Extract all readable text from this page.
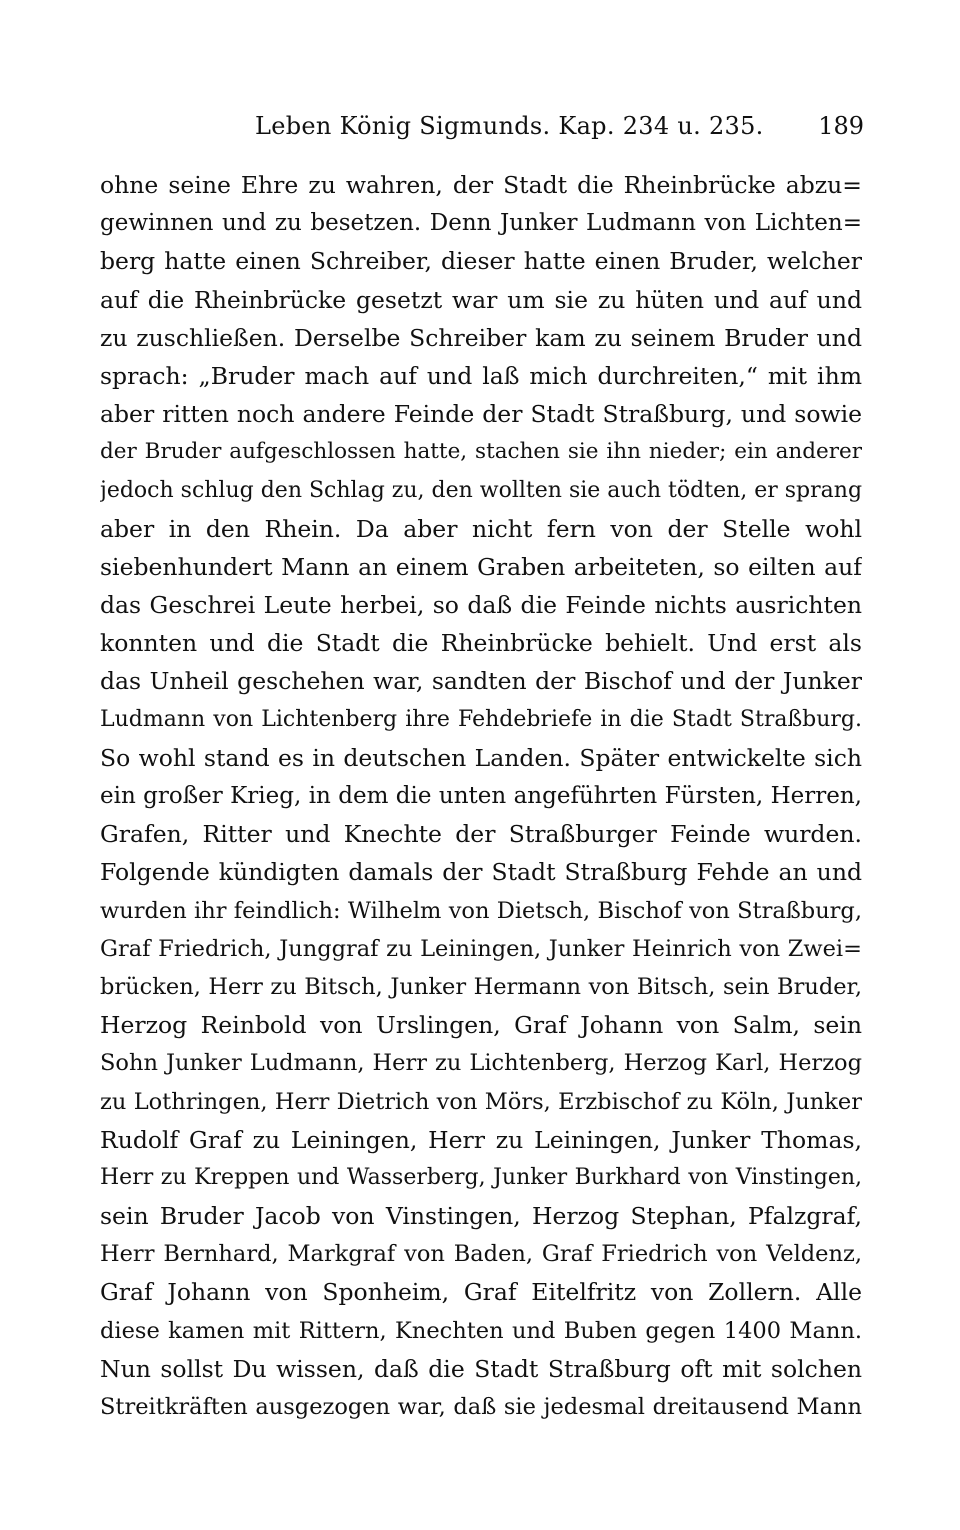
Leben König Sigmunds. Kap. 234 u. 235. 189
ohne seine Ehre zu wahren, der Stadt die Rheinbrücke abzu=
gewinnen und zu besetzen. Denn Junker Ludmann von Lichten=
berg hatte einen Schreiber, dieser hatte einen Bruder, welcher
auf die Rheinbrücke gesetzt war um sie zu hüten und auf und
zu zuschließen. Derselbe Schreiber kam zu seinem Bruder und
sprach: „Bruder mach auf und laß mich durchreiten,“ mit ihm
aber ritten noch andere Feinde der Stadt Straßburg, und sowie
der Bruder aufgeschlossen hatte, stachen sie ihn nieder; ein anderer
jedoch schlug den Schlag zu, den wollten sie auch tödten, er sprang
aber in den Rhein. Da aber nicht fern von der Stelle wohl
siebenhundert Mann an einem Graben arbeiteten, so eilten auf
das Geschrei Leute herbei, so daß die Feinde nichts ausrichten
konnten und die Stadt die Rheinbrücke behielt. Und erst als
das Unheil geschehen war, sandten der Bischof und der Junker
Ludmann von Lichtenberg ihre Fehdebriefe in die Stadt Straßburg.
So wohl stand es in deutschen Landen. Später entwickelte sich
ein großer Krieg, in dem die unten angeführten Fürsten, Herren,
Grafen, Ritter und Knechte der Straßburger Feinde wurden.
Folgende kündigten damals der Stadt Straßburg Fehde an und
wurden ihr feindlich: Wilhelm von Dietsch, Bischof von Straßburg,
Graf Friedrich, Junggraf zu Leiningen, Junker Heinrich von Zwei=
brücken, Herr zu Bitsch, Junker Hermann von Bitsch, sein Bruder,
Herzog Reinbold von Urslingen, Graf Johann von Salm, sein
Sohn Junker Ludmann, Herr zu Lichtenberg, Herzog Karl, Herzog
zu Lothringen, Herr Dietrich von Mörs, Erzbischof zu Köln, Junker
Rudolf Graf zu Leiningen, Herr zu Leiningen, Junker Thomas,
Herr zu Kreppen und Wasserberg, Junker Burkhard von Vinstingen,
sein Bruder Jacob von Vinstingen, Herzog Stephan, Pfalzgraf,
Herr Bernhard, Markgraf von Baden, Graf Friedrich von Veldenz,
Graf Johann von Sponheim, Graf Eitelfritz von Zollern. Alle
diese kamen mit Rittern, Knechten und Buben gegen 1400 Mann.
Nun sollst Du wissen, daß die Stadt Straßburg oft mit solchen
Streitkräften ausgezogen war, daß sie jedesmal dreitausend Mann
